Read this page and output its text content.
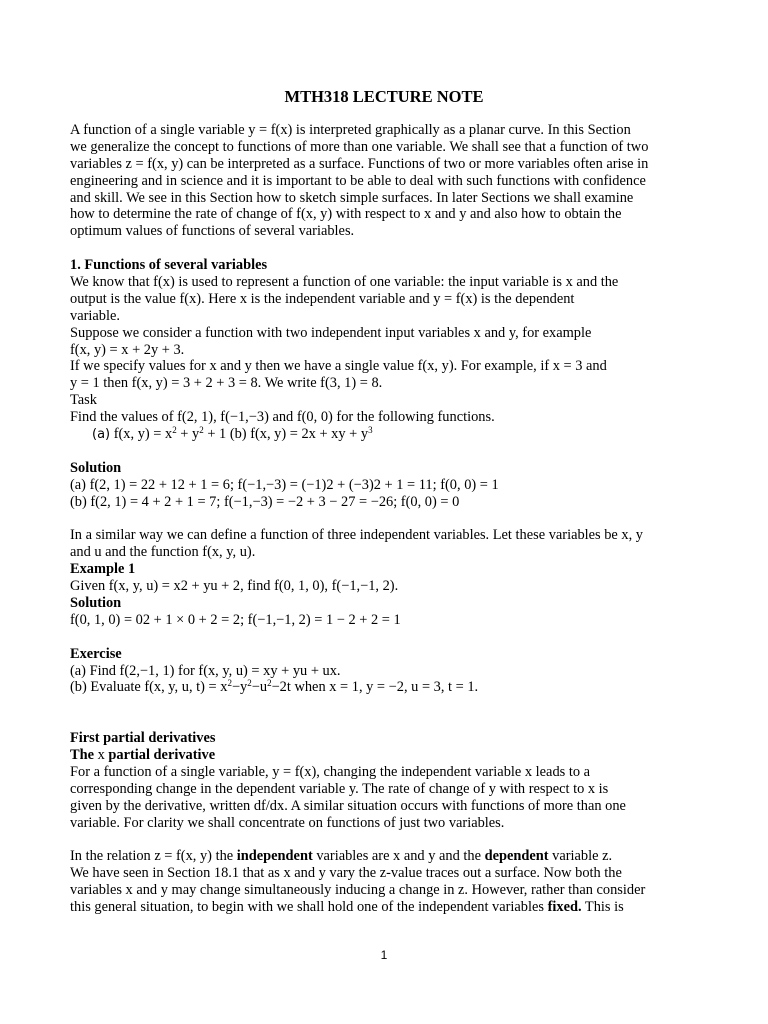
MTH318 LECTURE NOTE
A function of a single variable y = f(x) is interpreted graphically as a planar curve. In this Section
we generalize the concept to functions of more than one variable. We shall see that a function of two
variables z = f(x, y) can be interpreted as a surface. Functions of two or more variables often arise in
engineering and in science and it is important to be able to deal with such functions with confidence
and skill. We see in this Section how to sketch simple surfaces. In later Sections we shall examine
how to determine the rate of change of f(x, y) with respect to x and y and also how to obtain the
optimum values of functions of several variables.
1. Functions of several variables
We know that f(x) is used to represent a function of one variable: the input variable is x and the
output is the value f(x). Here x is the independent variable and y = f(x) is the dependent
variable.
Suppose we consider a function with two independent input variables x and y, for example
f(x, y) = x + 2y + 3.
If we specify values for x and y then we have a single value f(x, y). For example, if x = 3 and
y = 1 then f(x, y) = 3 + 2 + 3 = 8. We write f(3, 1) = 8.
Task
Find the values of f(2, 1), f(−1,−3) and f(0, 0) for the following functions.
(a) f(x, $y) = x^2 + y^2 + 1$ (b) f(x, y) = 2x + xy + $y^3$
Solution
(a) f(2, 1) = 22 + 12 + 1 = 6; f(−1,−3) = (−1)2 + (−3)2 + 1 = 11; f(0, 0) = 1
(b) f(2, 1) = 4 + 2 + 1 = 7; f(−1,−3) = −2 + 3 − 27 = −26; f(0, 0) = 0
In a similar way we can define a function of three independent variables. Let these variables be x, y
and u and the function f(x, y, u).
Example 1
Given f(x, y, u) = x2 + yu + 2, find f(0, 1, 0), f(−1,−1, 2).
Solution
f(0, 1, 0) = 02 + 1 × 0 + 2 = 2; f(−1,−1, 2) = 1 − 2 + 2 = 1
Exercise
(a) Find f(2,−1, 1) for f(x, y, u) = xy + yu + ux.
(b) Evaluate f(x, y, u, $t) = x^2-y^2-u^2-2t$ when x = 1, y = −2, u = 3, t = 1.
First partial derivatives
The x partial derivative
For a function of a single variable, y = f(x), changing the independent variable x leads to a
corresponding change in the dependent variable y. The rate of change of y with respect to x is
given by the derivative, written df/dx. A similar situation occurs with functions of more than one
variable. For clarity we shall concentrate on functions of just two variables.
In the relation z = f(x, y) the independent variables are x and y and the dependent variable z.
We have seen in Section 18.1 that as x and y vary the z-value traces out a surface. Now both the
variables x and y may change simultaneously inducing a change in z. However, rather than consider
this general situation, to begin with we shall hold one of the independent variables fixed. This is
1
